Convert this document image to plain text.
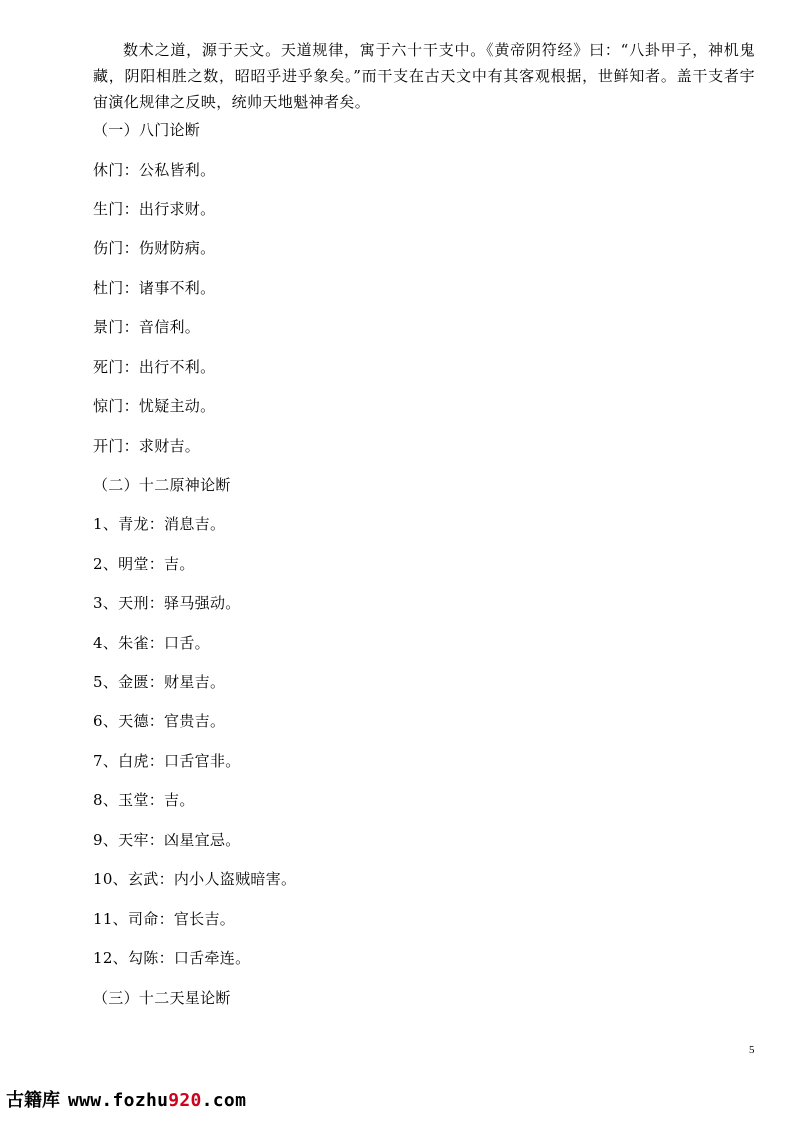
数术之道，源于天文。天道规律，寓于六十干支中。《黄帝阴符经》曰：“八卦甲子，神机鬼藏，阴阳相胜之数，昭昭乎进乎象矣。”而干支在古天文中有其客观根据，世鲜知者。盖干支者宇宙演化规律之反映，统帅天地魁神者矣。

（一）八门论断

休门：公私皆利。

生门：出行求财。

伤门：伤财防病。

杜门：诸事不利。

景门：音信利。

死门：出行不利。

惊门：忧疑主动。

开门：求财吉。

（二）十二原神论断

1、青龙：消息吉。

2、明堂：吉。

3、天刑：驿马强动。

4、朱雀：口舌。

5、金匮：财星吉。

6、天德：官贵吉。

7、白虎：口舌官非。

8、玉堂：吉。

9、天牢：凶星宜忌。

10、玄武：内小人盗贼暗害。

11、司命：官长吉。

12、勾陈：口舌牵连。

（三）十二天星论断

5
古籍库 www.fozhu920.com
